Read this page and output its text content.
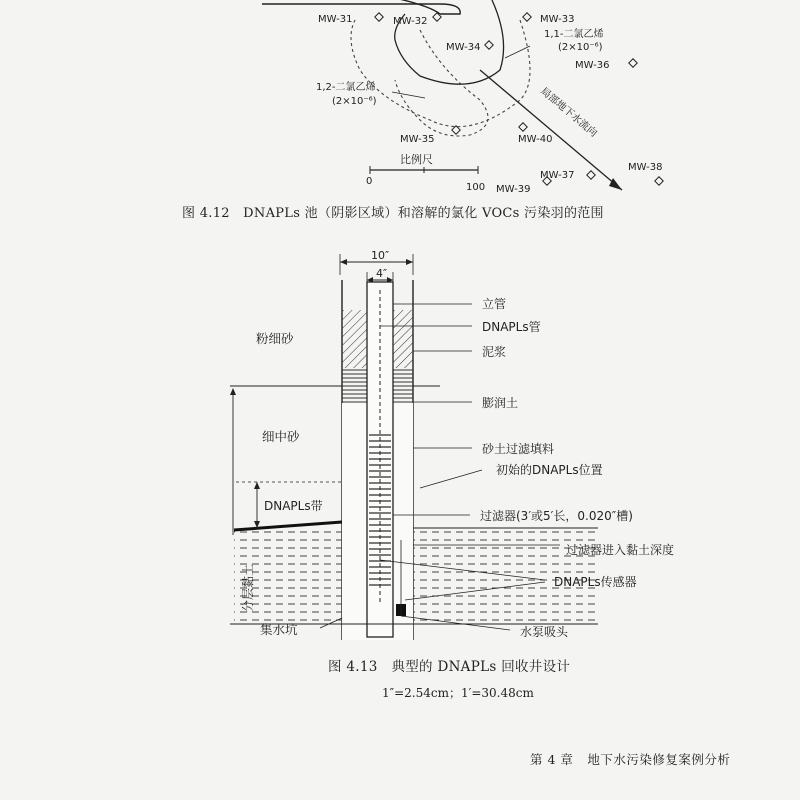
局部地下水流向
MW-31	MW-32	MW-33
MW-34
MW-36
MW-35	MW-40
MW-37
MW-38
MW-39
1,1-二氯乙烯
(2×10⁻⁶)
1,2-二氯乙烯
(2×10⁻⁶)
比例尺
0
100
10″
4″
粉细砂
细中砂
DNAPLs带
分层黏土
集水坑
立管
DNAPLs管
泥浆
膨润土
砂土过滤填料
初始的DNAPLs位置
过滤器(3′或5′长，0.020″槽)
过滤器进入黏土深度
DNAPLs传感器
水泵吸头
图 4.12　DNAPLs 池（阴影区域）和溶解的氯化 VOCs 污染羽的范围
图 4.13　典型的 DNAPLs 回收井设计
1″=2.54cm；1′=30.48cm
第 4 章 地下水污染修复案例分析
